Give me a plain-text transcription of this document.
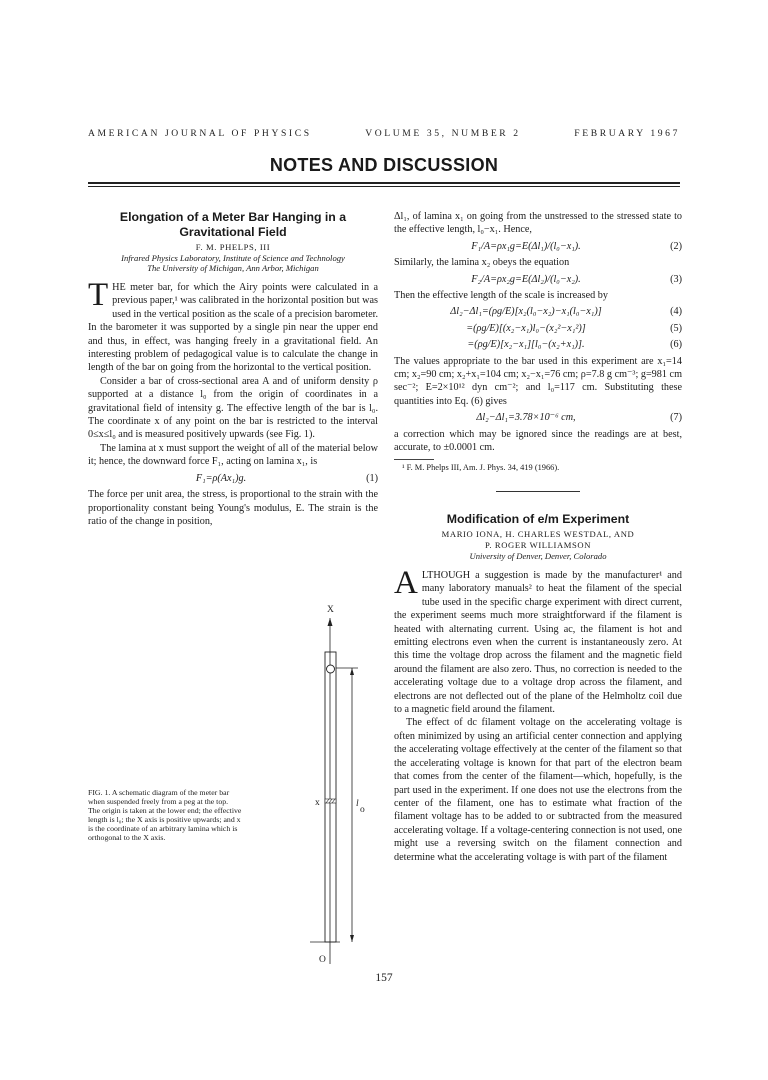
AMERICAN JOURNAL OF PHYSICS	VOLUME 35, NUMBER 2	FEBRUARY 1967
NOTES AND DISCUSSION
Elongation of a Meter Bar Hanging in a
Gravitational Field
F. M. PHELPS, III
Infrared Physics Laboratory, Institute of Science and Technology
The University of Michigan, Ann Arbor, Michigan

THE meter bar, for which the Airy points were calculated in a previous paper,¹ was calibrated in the horizontal position but was used in the vertical position as the scale of a precision barometer. In the barometer it was supported by a single pin near the upper end and thus, in effect, was hanging freely in a gravitational field. An interesting problem of pedagogical value is to calculate the change in length of the bar on going from the horizontal to the vertical position.

Consider a bar of cross-sectional area A and of uniform density ρ supported at a distance l₀ from the origin of coordinates in a gravitational field of intensity g. The effective length of the bar is l₀. The coordinate x of any point on the bar is restricted to the interval 0≤x≤l₀ and is measured positively upwards (see Fig. 1).

The lamina at x must support the weight of all of the material below it; hence, the downward force F₁, acting on lamina x₁, is

F₁=ρ(Ax₁)g.	(1)

The force per unit area, the stress, is proportional to the strain with the proportionality constant being Young's modulus, E. The strain is the ratio of the change in position,

FIG. 1. A schematic diagram of the meter bar
when suspended freely from a peg at the top.
The origin is taken at the lower end; the effective
length is l₀; the X axis is positive upwards; and x
is the coordinate of an arbitrary lamina which is
orthogonal to the X axis.
X
x	l
o
O

Δl₁, of lamina x₁ on going from the unstressed to the stressed state to the effective length, l₀−x₁. Hence,

F₁/A=ρx₁g=E(Δl₁)/(l₀−x₁).	(2)

Similarly, the lamina x₂ obeys the equation

F₂/A=ρx₂g=E(Δl₂)/(l₀−x₂).	(3)

Then the effective length of the scale is increased by

Δl₂−Δl₁=(ρg/E)[x₂(l₀−x₂)−x₁(l₀−x₁)]	(4)
=(ρg/E)[(x₂−x₁)l₀−(x₂²−x₁²)]	(5)
=(ρg/E)[x₂−x₁][l₀−(x₂+x₁)].	(6)

The values appropriate to the bar used in this experiment are x₁=14 cm; x₂=90 cm; x₂+x₁=104 cm; x₂−x₁=76 cm; ρ=7.8 g cm⁻³; g=981 cm sec⁻²; E=2×10¹² dyn cm⁻²; and l₀=117 cm. Substituting these quantities into Eq. (6) gives

Δl₂−Δl₁=3.78×10⁻⁶ cm,	(7)

a correction which may be ignored since the readings are at best, accurate, to ±0.0001 cm.

¹ F. M. Phelps III, Am. J. Phys. 34, 419 (1966).
Modification of e/m Experiment
MARIO IONA, H. CHARLES WESTDAL, AND
P. ROGER WILLIAMSON
University of Denver, Denver, Colorado

ALTHOUGH a suggestion is made by the manufacturer¹ and many laboratory manuals² to heat the filament of the special tube used in the specific charge experiment with direct current, the experiment seems much more straightforward if the filament is heated with alternating current. Using ac, the filament is hot and emitting electrons even when the current is instantaneously zero. At this time the voltage drop across the filament and the magnetic field around the filament are also zero. Thus, no correction is needed to the accelerating voltage due to a voltage drop across the filament, and electrons are not deflected out of the plane of the Helmholtz coil due to a magnetic field around the filament.

The effect of dc filament voltage on the accelerating voltage is often minimized by using an artificial center connection and applying the accelerating voltage effectively at the center of the filament so that the accelerating voltage is known for that part of the electron beam that comes from the center of the filament—which, hopefully, is the part used in the experiment. If one does not use the electrons from the center of the filament, one has to estimate what fraction of the filament voltage has to be added to or subtracted from the measured accelerating voltage. If a voltage-centering connection is not used, one might use a reversing switch on the filament connection and determine what the accelerating voltage is with part of the filament

157
